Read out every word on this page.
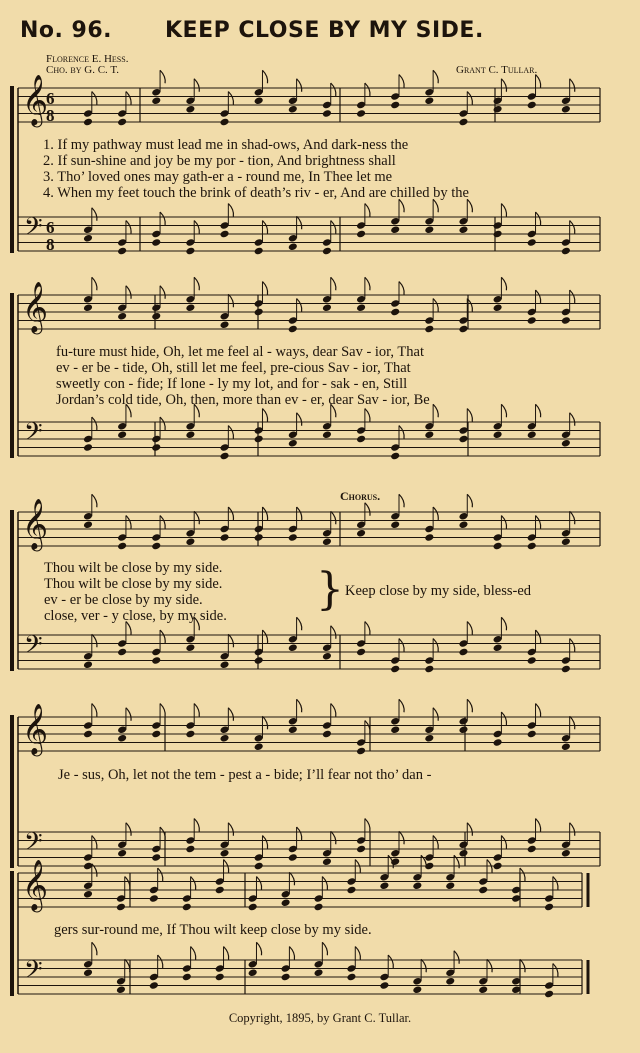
No. 96. KEEP CLOSE BY MY SIDE.
Florence E. Hess.
Cho. by G. C. T.	Grant C. Tullar.
𝄞
𝄢
6
8
6
8
𝄞
𝄢
𝄞
𝄢
𝄞
𝄢
𝄞
𝄢
1. If my pathway must lead me in shad-ows, And dark-ness the
2. If sun-shine and joy be my por - tion, And brightness shall
3. Tho’ loved ones may gath-er a - round me, In Thee let me
4. When my feet touch the brink of death’s riv - er, And are chilled by the
fu-ture must hide, Oh, let me feel al - ways, dear Sav - ior, That
ev - er be - tide, Oh, still let me feel, pre-cious Sav - ior, That
sweetly con - fide; If lone - ly my lot, and for - sak - en, Still
Jordan’s cold tide, Oh, then, more than ev - er, dear Sav - ior, Be
Thou wilt be close by my side.
Thou wilt be close by my side.
ev - er be close by my side.
close, ver - y close, by my side.
}
Chorus.
Keep close by my side, bless-ed
Je - sus, Oh, let not the tem - pest a - bide; I’ll fear not tho’ dan -
gers sur-round me, If Thou wilt keep close by my side.
Copyright, 1895, by Grant C. Tullar.
